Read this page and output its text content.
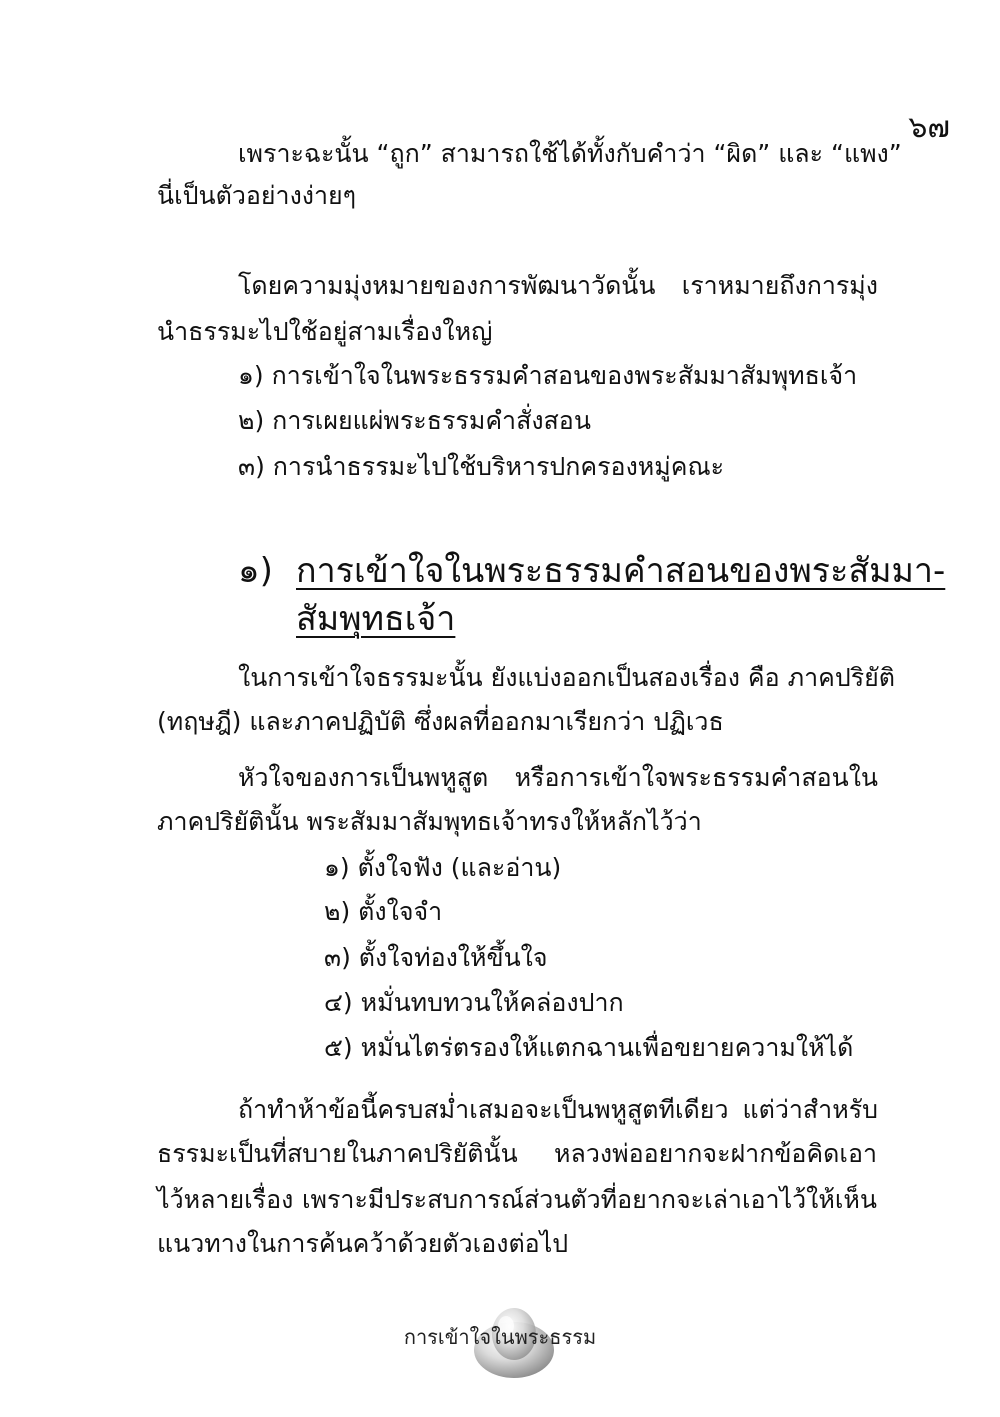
๖๗
เพราะฉะนั้น “ถูก” สามารถใช้ได้ทั้งกับคำว่า “ผิด” และ “แพง”
นี่เป็นตัวอย่างง่ายๆ
โดยความมุ่งหมายของการพัฒนาวัดนั้น เราหมายถึงการมุ่ง
นำธรรมะไปใช้อยู่สามเรื่องใหญ่
๑) การเข้าใจในพระธรรมคำสอนของพระสัมมาสัมพุทธเจ้า
๒) การเผยแผ่พระธรรมคำสั่งสอน
๓) การนำธรรมะไปใช้บริหารปกครองหมู่คณะ
๑) การเข้าใจในพระธรรมคำสอนของพระสัมมา-
สัมพุทธเจ้า
ในการเข้าใจธรรมะนั้น ยังแบ่งออกเป็นสองเรื่อง คือ ภาคปริยัติ
(ทฤษฎี) และภาคปฏิบัติ ซึ่งผลที่ออกมาเรียกว่า ปฏิเวธ
หัวใจของการเป็นพหูสูต หรือการเข้าใจพระธรรมคำสอนใน
ภาคปริยัตินั้น พระสัมมาสัมพุทธเจ้าทรงให้หลักไว้ว่า
๑) ตั้งใจฟัง (และอ่าน)
๒) ตั้งใจจำ
๓) ตั้งใจท่องให้ขึ้นใจ
๔) หมั่นทบทวนให้คล่องปาก
๕) หมั่นไตร่ตรองให้แตกฉานเพื่อขยายความให้ได้
ถ้าทำห้าข้อนี้ครบสม่ำเสมอจะเป็นพหูสูตทีเดียว แต่ว่าสำหรับ
ธรรมะเป็นที่สบายในภาคปริยัตินั้น หลวงพ่ออยากจะฝากข้อคิดเอา
ไว้หลายเรื่อง เพราะมีประสบการณ์ส่วนตัวที่อยากจะเล่าเอาไว้ให้เห็น
แนวทางในการค้นคว้าด้วยตัวเองต่อไป
การเข้าใจในพระธรรม
